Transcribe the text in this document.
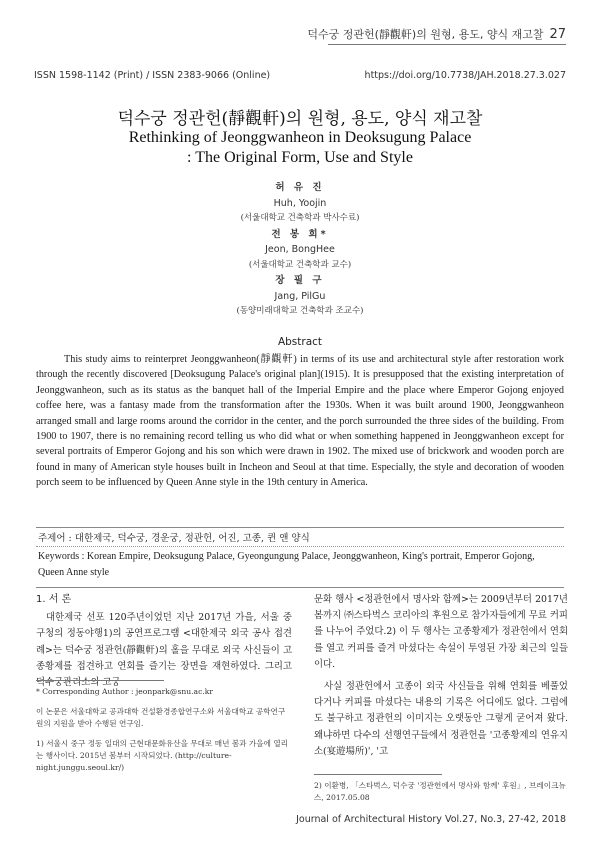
덕수궁 정관헌(靜觀軒)의 원형, 용도, 양식 재고찰 27
ISSN 1598-1142 (Print) / ISSN 2383-9066 (Online)	https://doi.org/10.7738/JAH.2018.27.3.027
덕수궁 정관헌(靜觀軒)의 원형, 용도, 양식 재고찰
Rethinking of Jeonggwanheon in Deoksugung Palace
: The Original Form, Use and Style
허 유 진
Huh, Yoojin
(서울대학교 건축학과 박사수료)
전 봉 희*
Jeon, BongHee
(서울대학교 건축학과 교수)
장 필 구
Jang, PilGu
(동양미래대학교 건축학과 조교수)
Abstract
This study aims to reinterpret Jeonggwanheon(靜觀軒) in terms of its use and architectural style after restoration work through the recently discovered [Deoksugung Palace's original plan](1915). It is presupposed that the existing interpretation of Jeonggwanheon, such as its status as the banquet hall of the Imperial Empire and the place where Emperor Gojong enjoyed coffee here, was a fantasy made from the transformation after the 1930s. When it was built around 1900, Jeonggwanheon arranged small and large rooms around the corridor in the center, and the porch surrounded the three sides of the building. From 1900 to 1907, there is no remaining record telling us who did what or when something happened in Jeonggwanheon except for several portraits of Emperor Gojong and his son which were drawn in 1902. The mixed use of brickwork and wooden porch are found in many of American style houses built in Incheon and Seoul at that time. Especially, the style and decoration of wooden porch seem to be influenced by Queen Anne style in the 19th century in America.
주제어 : 대한제국, 덕수궁, 경운궁, 정관헌, 어진, 고종, 퀸 앤 양식
Keywords : Korean Empire, Deoksugung Palace, Gyeongungung Palace, Jeonggwanheon, King's portrait, Emperor Gojong, Queen Anne style
1. 서 론
대한제국 선포 120주년이었던 지난 2017년 가을, 서울 중구청의 정동야행1)의 공연프로그램 <대한제국 외국 공사 접견례>는 덕수궁 정관헌(靜觀軒)의 홀을 무대로 외국 사신들이 고종황제를 접견하고 연회를 즐기는 장면을 재현하였다. 그리고 덕수궁관리소의 고궁
문화 행사 <정관헌에서 명사와 함께>는 2009년부터 2017년 봄까지 ㈜스타벅스 코리아의 후원으로 참가자들에게 무료 커피를 나누어 주었다.2) 이 두 행사는 고종황제가 정관헌에서 연회를 열고 커피를 즐겨 마셨다는 속설이 투영된 가장 최근의 일들이다.
사실 정관헌에서 고종이 외국 사신들을 위해 연회를 베풀었다거나 커피를 마셨다는 내용의 기록은 어디에도 없다. 그럼에도 불구하고 정관헌의 이미지는 오랫동안 그렇게 굳어져 왔다. 왜냐하면 다수의 선행연구들에서 정관헌을 '고종황제의 연유지소(宴遊場所)', '고
* Corresponding Author : jeonpark@snu.ac.kr
이 논문은 서울대학교 공과대학 건설환경종합연구소와 서울대학교 공학연구원의 지원을 받아 수행된 연구임.
1) 서울시 중구 정동 일대의 근현대문화유산을 무대로 매년 봄과 가을에 열리는 행사이다. 2015년 봄부터 시작되었다. (http://culture-night.junggu.seoul.kr/)
2) 이환병, 「스타벅스, 덕수궁 '정관헌에서 명사와 함께' 후원」, 브레이크뉴스, 2017.05.08
Journal of Architectural History Vol.27, No.3, 27-42, 2018
